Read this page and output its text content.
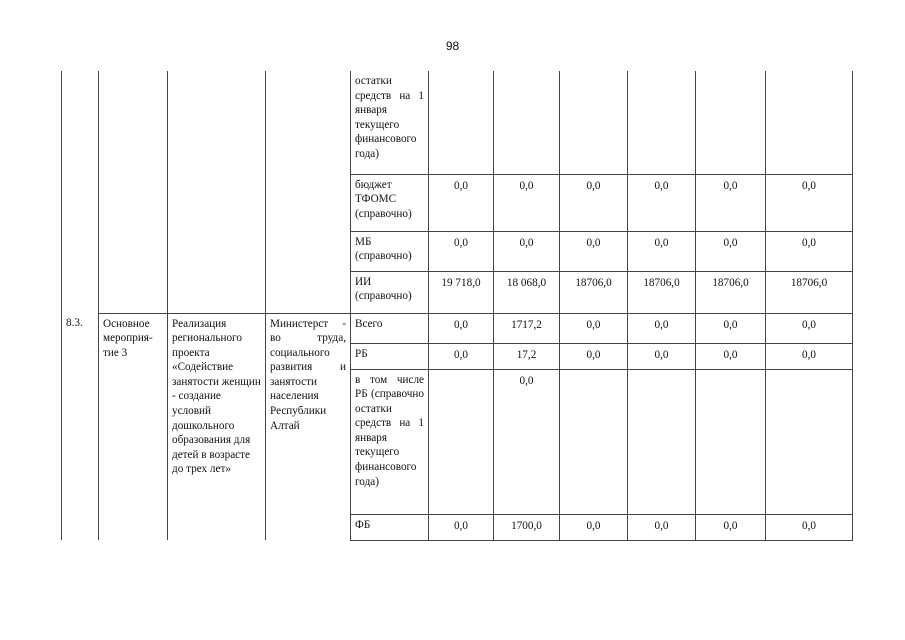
98
				остатки средств на 1 января текущего финансового года)						
				бюджет ТФОМС (справочно)	0,0	0,0	0,0	0,0	0,0	0,0
				МБ (справочно)	0,0	0,0	0,0	0,0	0,0	0,0
				ИИ (справочно)	19 718,0	18 068,0	18706,0	18706,0	18706,0	18706,0
8.3.	Основное мероприя-тие 3	Реализация регионального проекта «Содействие занятости женщин - создание условий дошкольного образования для детей в возрасте до трех лет»	Министерст - во труда, социального развития и занятости населения Республики Алтай	Всего	0,0	1717,2	0,0	0,0	0,0	0,0
				РБ	0,0	17,2	0,0	0,0	0,0	0,0
				в том числе РБ (справочно остатки средств на 1 января текущего финансового года)		0,0				
				ФБ	0,0	1700,0	0,0	0,0	0,0	0,0
